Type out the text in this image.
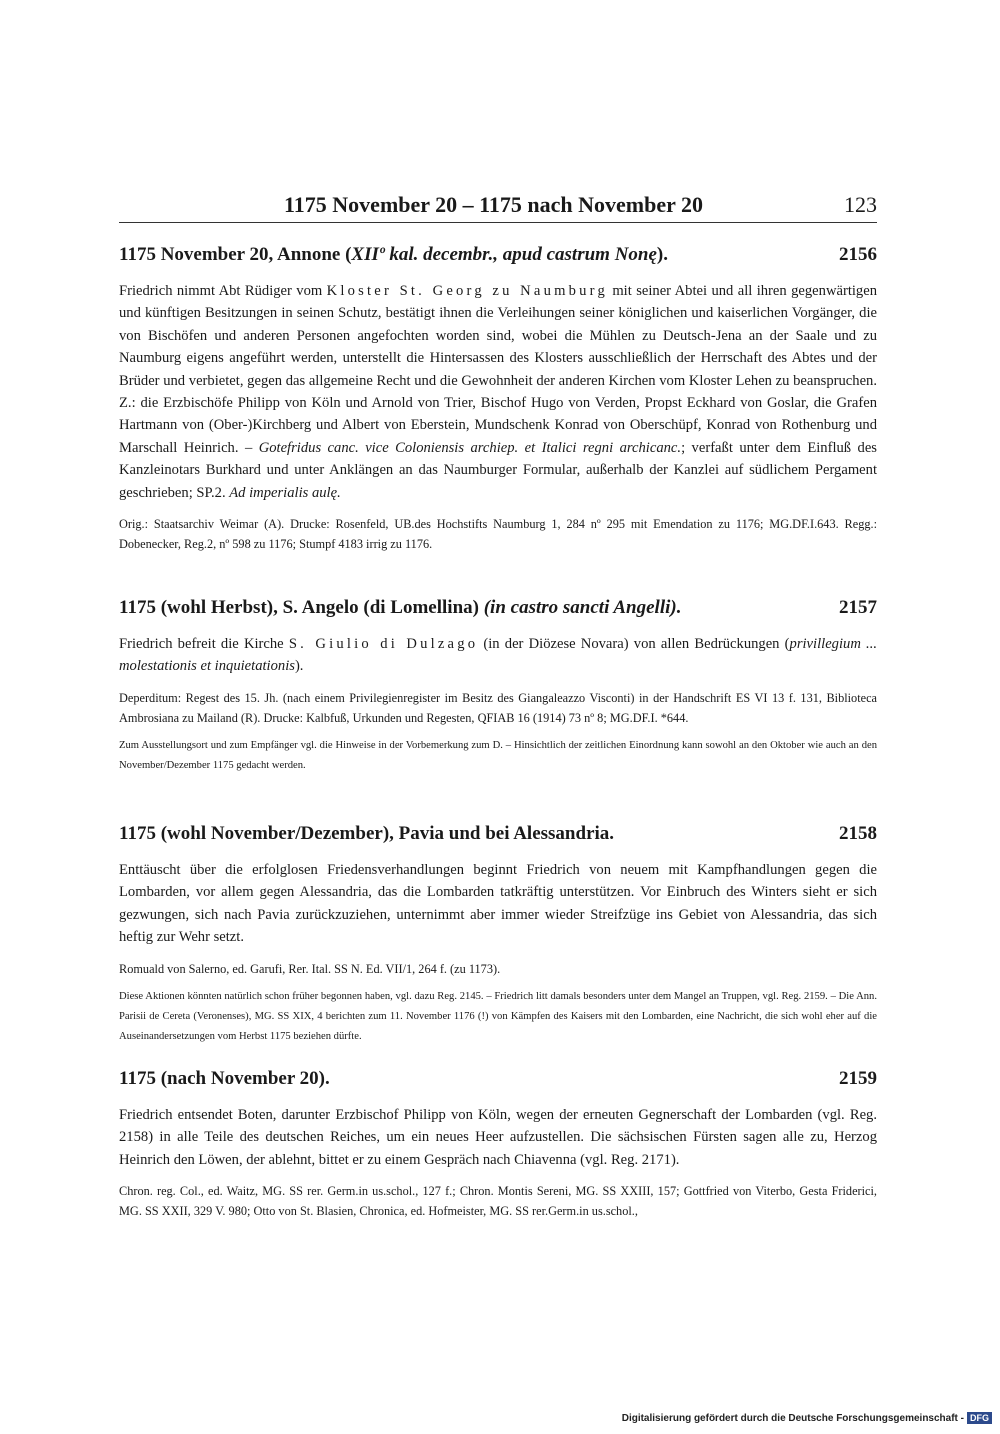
1175 November 20 – 1175 nach November 20	123
1175 November 20, Annone (XIIº kal. decembr., apud castrum Nonę).	2156

Friedrich nimmt Abt Rüdiger vom Kloster St. Georg zu Naumburg mit seiner Abtei und all ihren gegenwärtigen und künftigen Besitzungen in seinen Schutz, bestätigt ihnen die Verleihungen seiner königlichen und kaiserlichen Vorgänger, die von Bischöfen und anderen Personen angefochten worden sind, wobei die Mühlen zu Deutsch-Jena an der Saale und zu Naumburg eigens angeführt werden, unterstellt die Hintersassen des Klosters ausschließlich der Herrschaft des Abtes und der Brüder und verbietet, gegen das allgemeine Recht und die Gewohnheit der anderen Kirchen vom Kloster Lehen zu beanspruchen. Z.: die Erzbischöfe Philipp von Köln und Arnold von Trier, Bischof Hugo von Verden, Propst Eckhard von Goslar, die Grafen Hartmann von (Ober-)Kirchberg und Albert von Eberstein, Mundschenk Konrad von Oberschüpf, Konrad von Rothenburg und Marschall Heinrich. – Gotefridus canc. vice Coloniensis archiep. et Italici regni archicanc.; verfaßt unter dem Einfluß des Kanzleinotars Burkhard und unter Anklängen an das Naumburger Formular, außerhalb der Kanzlei auf südlichem Pergament geschrieben; SP.2. Ad imperialis aulę.

Orig.: Staatsarchiv Weimar (A). Drucke: Rosenfeld, UB.des Hochstifts Naumburg 1, 284 nº 295 mit Emendation zu 1176; MG.DF.I.643. Regg.: Dobenecker, Reg.2, nº 598 zu 1176; Stumpf 4183 irrig zu 1176.

1175 (wohl Herbst), S. Angelo (di Lomellina) (in castro sancti Angelli).	2157

Friedrich befreit die Kirche S. Giulio di Dulzago (in der Diözese Novara) von allen Bedrückungen (privillegium ... molestationis et inquietationis).

Deperditum: Regest des 15. Jh. (nach einem Privilegienregister im Besitz des Giangaleazzo Visconti) in der Handschrift ES VI 13 f. 131, Biblioteca Ambrosiana zu Mailand (R). Drucke: Kalbfuß, Urkunden und Regesten, QFIAB 16 (1914) 73 nº 8; MG.DF.I. *644.

Zum Ausstellungsort und zum Empfänger vgl. die Hinweise in der Vorbemerkung zum D. – Hinsichtlich der zeitlichen Einordnung kann sowohl an den Oktober wie auch an den November/Dezember 1175 gedacht werden.

1175 (wohl November/Dezember), Pavia und bei Alessandria.	2158

Enttäuscht über die erfolglosen Friedensverhandlungen beginnt Friedrich von neuem mit Kampfhandlungen gegen die Lombarden, vor allem gegen Alessandria, das die Lombarden tatkräftig unterstützen. Vor Einbruch des Winters sieht er sich gezwungen, sich nach Pavia zurückzuziehen, unternimmt aber immer wieder Streifzüge ins Gebiet von Alessandria, das sich heftig zur Wehr setzt.

Romuald von Salerno, ed. Garufi, Rer. Ital. SS N. Ed. VII/1, 264 f. (zu 1173).

Diese Aktionen könnten natürlich schon früher begonnen haben, vgl. dazu Reg. 2145. – Friedrich litt damals besonders unter dem Mangel an Truppen, vgl. Reg. 2159. – Die Ann. Parisii de Cereta (Veronenses), MG. SS XIX, 4 berichten zum 11. November 1176 (!) von Kämpfen des Kaisers mit den Lombarden, eine Nachricht, die sich wohl eher auf die Auseinandersetzungen vom Herbst 1175 beziehen dürfte.

1175 (nach November 20).	2159

Friedrich entsendet Boten, darunter Erzbischof Philipp von Köln, wegen der erneuten Gegnerschaft der Lombarden (vgl. Reg. 2158) in alle Teile des deutschen Reiches, um ein neues Heer aufzustellen. Die sächsischen Fürsten sagen alle zu, Herzog Heinrich den Löwen, der ablehnt, bittet er zu einem Gespräch nach Chiavenna (vgl. Reg. 2171).

Chron. reg. Col., ed. Waitz, MG. SS rer. Germ.in us.schol., 127 f.; Chron. Montis Sereni, MG. SS XXIII, 157; Gottfried von Viterbo, Gesta Friderici, MG. SS XXII, 329 V. 980; Otto von St. Blasien, Chronica, ed. Hofmeister, MG. SS rer.Germ.in us.schol.,

Digitalisierung gefördert durch die Deutsche Forschungsgemeinschaft - DFG
